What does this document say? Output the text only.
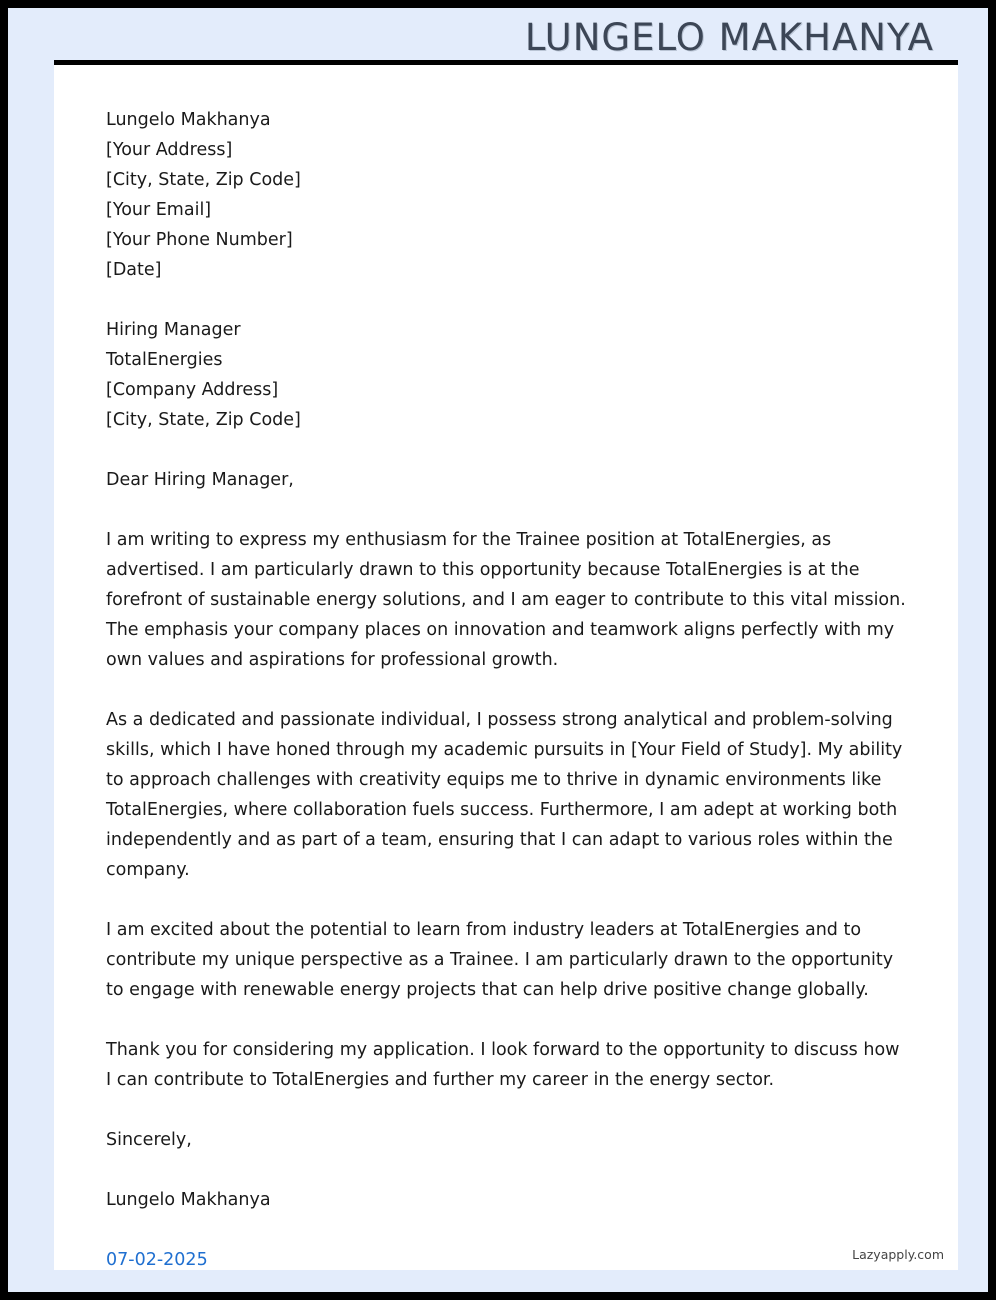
LUNGELO MAKHANYA
Lungelo Makhanya
[Your Address]
[City, State, Zip Code]
[Your Email]
[Your Phone Number]
[Date]
Hiring Manager
TotalEnergies
[Company Address]
[City, State, Zip Code]
Dear Hiring Manager,

I am writing to express my enthusiasm for the Trainee position at TotalEnergies, as advertised. I am particularly drawn to this opportunity because TotalEnergies is at the forefront of sustainable energy solutions, and I am eager to contribute to this vital mission. The emphasis your company places on innovation and teamwork aligns perfectly with my own values and aspirations for professional growth.

As a dedicated and passionate individual, I possess strong analytical and problem-solving skills, which I have honed through my academic pursuits in [Your Field of Study]. My ability to approach challenges with creativity equips me to thrive in dynamic environments like TotalEnergies, where collaboration fuels success. Furthermore, I am adept at working both independently and as part of a team, ensuring that I can adapt to various roles within the company.

I am excited about the potential to learn from industry leaders at TotalEnergies and to contribute my unique perspective as a Trainee. I am particularly drawn to the opportunity to engage with renewable energy projects that can help drive positive change globally.

Thank you for considering my application. I look forward to the opportunity to discuss how I can contribute to TotalEnergies and further my career in the energy sector.

Sincerely,
Lungelo Makhanya
07-02-2025	Lazyapply.com
